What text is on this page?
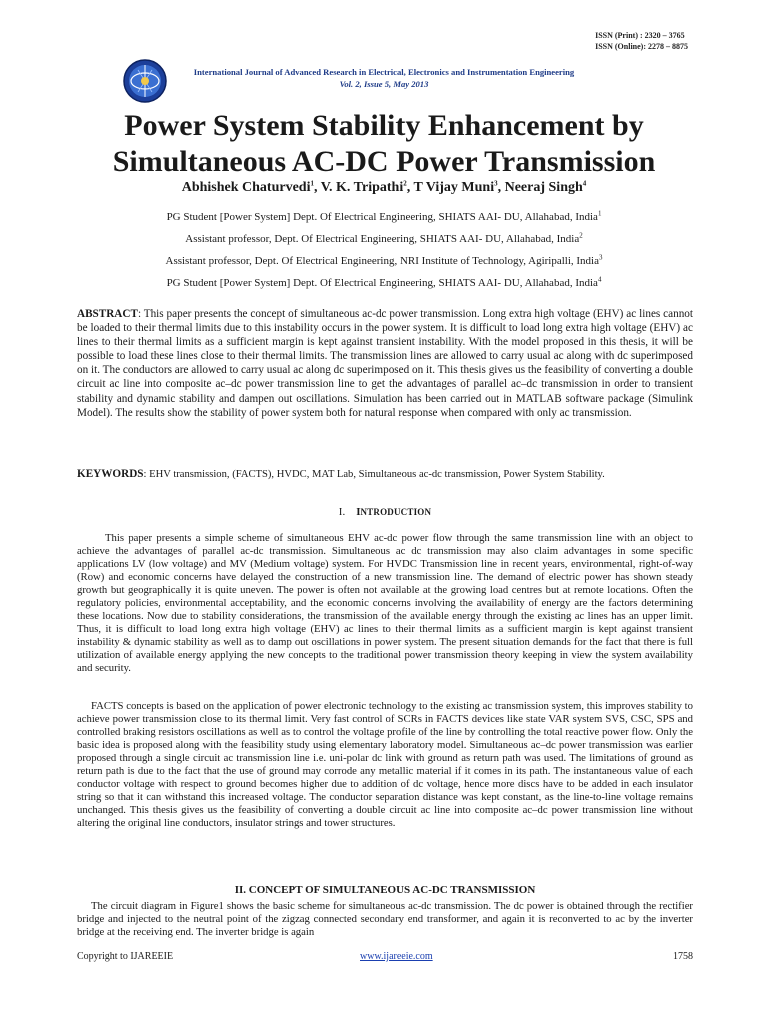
ISSN (Print) : 2320 – 3765
ISSN (Online): 2278 – 8875
International Journal of Advanced Research in Electrical, Electronics and Instrumentation Engineering
Vol. 2, Issue 5, May 2013
Power System Stability Enhancement by
Simultaneous AC-DC Power Transmission
Abhishek Chaturvedi$^1$, V. K. Tripathi$^2$, T Vijay Muni$^3$, Neeraj Singh$^4$
PG Student [Power System] Dept. Of Electrical Engineering, SHIATS AAI- DU, Allahabad, India$^1$
Assistant professor, Dept. Of Electrical Engineering, SHIATS AAI- DU, Allahabad, India$^2$
Assistant professor, Dept. Of Electrical Engineering, NRI Institute of Technology, Agiripalli, India$^3$
PG Student [Power System] Dept. Of Electrical Engineering, SHIATS AAI- DU, Allahabad, India$^4$

ABSTRACT: This paper presents the concept of simultaneous ac-dc power transmission. Long extra high voltage (EHV) ac lines cannot be loaded to their thermal limits due to this instability occurs in the power system. It is difficult to load long extra high voltage (EHV) ac lines to their thermal limits as a sufficient margin is kept against transient instability. With the model proposed in this thesis, it will be possible to load these lines close to their thermal limits. The transmission lines are allowed to carry usual ac along with dc superimposed on it. The conductors are allowed to carry usual ac along dc superimposed on it. This thesis gives us the feasibility of converting a double circuit ac line into composite ac–dc power transmission line to get the advantages of parallel ac–dc transmission in order to transient stability and dynamic stability and dampen out oscillations. Simulation has been carried out in MATLAB software package (Simulink Model). The results show the stability of power system both for natural response when compared with only ac transmission.

KEYWORDS: EHV transmission, (FACTS), HVDC, MAT Lab, Simultaneous ac-dc transmission, Power System Stability.

I. INTRODUCTION

This paper presents a simple scheme of simultaneous EHV ac-dc power flow through the same transmission line with an object to achieve the advantages of parallel ac-dc transmission. Simultaneous ac dc transmission may also claim advantages in some specific applications LV (low voltage) and MV (Medium voltage) system. For HVDC Transmission line in recent years, environmental, right-of-way (Row) and economic concerns have delayed the construction of a new transmission line. The demand of electric power has shown steady growth but geographically it is quite uneven. The power is often not available at the growing load centres but at remote locations. Often the regulatory policies, environmental acceptability, and the economic concerns involving the availability of energy are the factors determining these locations. Now due to stability considerations, the transmission of the available energy through the existing ac lines has an upper limit. Thus, it is difficult to load long extra high voltage (EHV) ac lines to their thermal limits as a sufficient margin is kept against transient instability & dynamic stability as well as to damp out oscillations in power system. The present situation demands for the fact that there is full utilization of available energy applying the new concepts to the traditional power transmission theory keeping in view the system availability and security.

FACTS concepts is based on the application of power electronic technology to the existing ac transmission system, this improves stability to achieve power transmission close to its thermal limit. Very fast control of SCRs in FACTS devices like state VAR system SVS, CSC, SPS and controlled braking resistors oscillations as well as to control the voltage profile of the line by controlling the total reactive power flow. Only the basic idea is proposed along with the feasibility study using elementary laboratory model. Simultaneous ac–dc power transmission was earlier proposed through a single circuit ac transmission line i.e. uni-polar dc link with ground as return path was used. The limitations of ground as return path is due to the fact that the use of ground may corrode any metallic material if it comes in its path. The instantaneous value of each conductor voltage with respect to ground becomes higher due to addition of dc voltage, hence more discs have to be added in each insulator string so that it can withstand this increased voltage. The conductor separation distance was kept constant, as the line-to-line voltage remains unchanged. This thesis gives us the feasibility of converting a double circuit ac line into composite ac–dc power transmission line without altering the original line conductors, insulator strings and tower structures.

II. CONCEPT OF SIMULTANEOUS AC-DC TRANSMISSION

The circuit diagram in Figure1 shows the basic scheme for simultaneous ac-dc transmission. The dc power is obtained through the rectifier bridge and injected to the neutral point of the zigzag connected secondary end transformer, and again it is reconverted to ac by the inverter bridge at the receiving end. The inverter bridge is again

Copyright to IJAREEIE	www.ijareeie.com	1758
